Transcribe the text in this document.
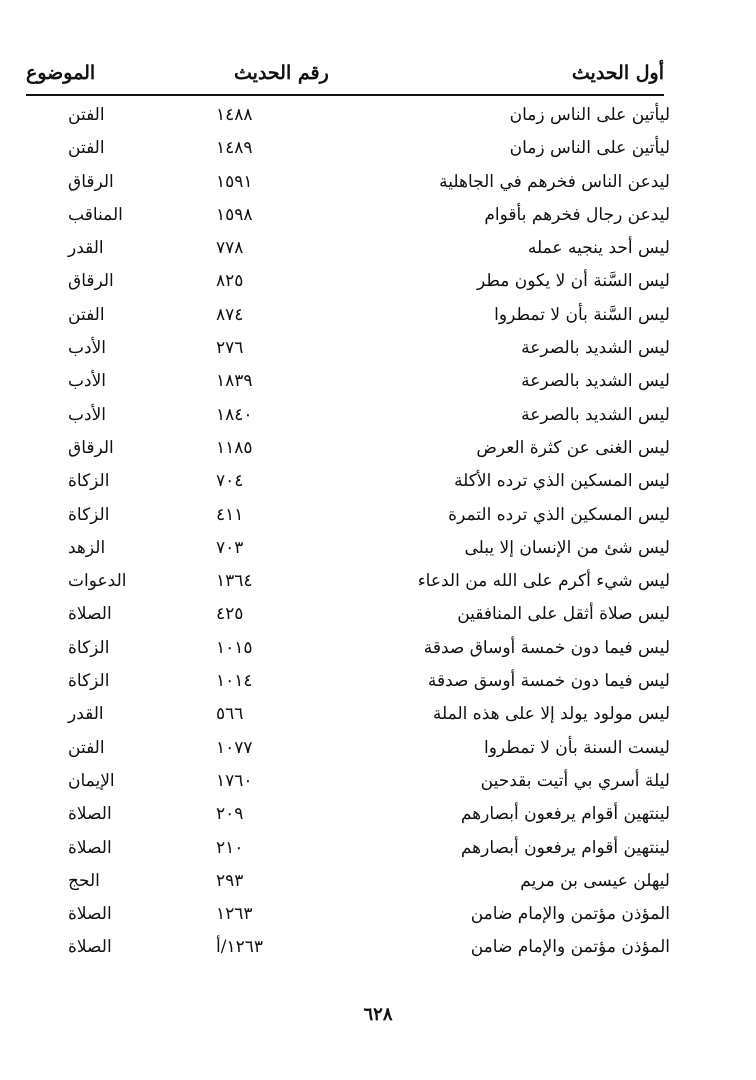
أول الحديث
رقم الحديث
الموضوع
ليأتين على الناس زمان
١٤٨٨
الفتن
ليأتين على الناس زمان
١٤٨٩
الفتن
ليدعن الناس فخرهم في الجاهلية
١٥٩١
الرقاق
ليدعن رجال فخرهم بأقوام
١٥٩٨
المناقب
ليس أحد ينجيه عمله
٧٧٨
القدر
ليس السَّنة أن لا يكون مطر
٨٢٥
الرقاق
ليس السَّنة بأن لا تمطروا
٨٧٤
الفتن
ليس الشديد بالصرعة
٢٧٦
الأدب
ليس الشديد بالصرعة
١٨٣٩
الأدب
ليس الشديد بالصرعة
١٨٤٠
الأدب
ليس الغنى عن كثرة العرض
١١٨٥
الرقاق
ليس المسكين الذي ترده الأكلة
٧٠٤
الزكاة
ليس المسكين الذي ترده التمرة
٤١١
الزكاة
ليس شئ من الإنسان إلا يبلى
٧٠٣
الزهد
ليس شيء أكرم على الله من الدعاء
١٣٦٤
الدعوات
ليس صلاة أثقل على المنافقين
٤٢٥
الصلاة
ليس فيما دون خمسة أوساق صدقة
١٠١٥
الزكاة
ليس فيما دون خمسة أوسق صدقة
١٠١٤
الزكاة
ليس مولود يولد إلا على هذه الملة
٥٦٦
القدر
ليست السنة بأن لا تمطروا
١٠٧٧
الفتن
ليلة أسري بي أتيت بقدحين
١٧٦٠
الإيمان
لينتهين أقوام يرفعون أبصارهم
٢٠٩
الصلاة
لينتهين أقوام يرفعون أبصارهم
٢١٠
الصلاة
ليهلن عيسى بن مريم
٢٩٣
الحج
المؤذن مؤتمن والإمام ضامن
١٢٦٣
الصلاة
المؤذن مؤتمن والإمام ضامن
١٢٦٣/أ
الصلاة
٦٢٨
